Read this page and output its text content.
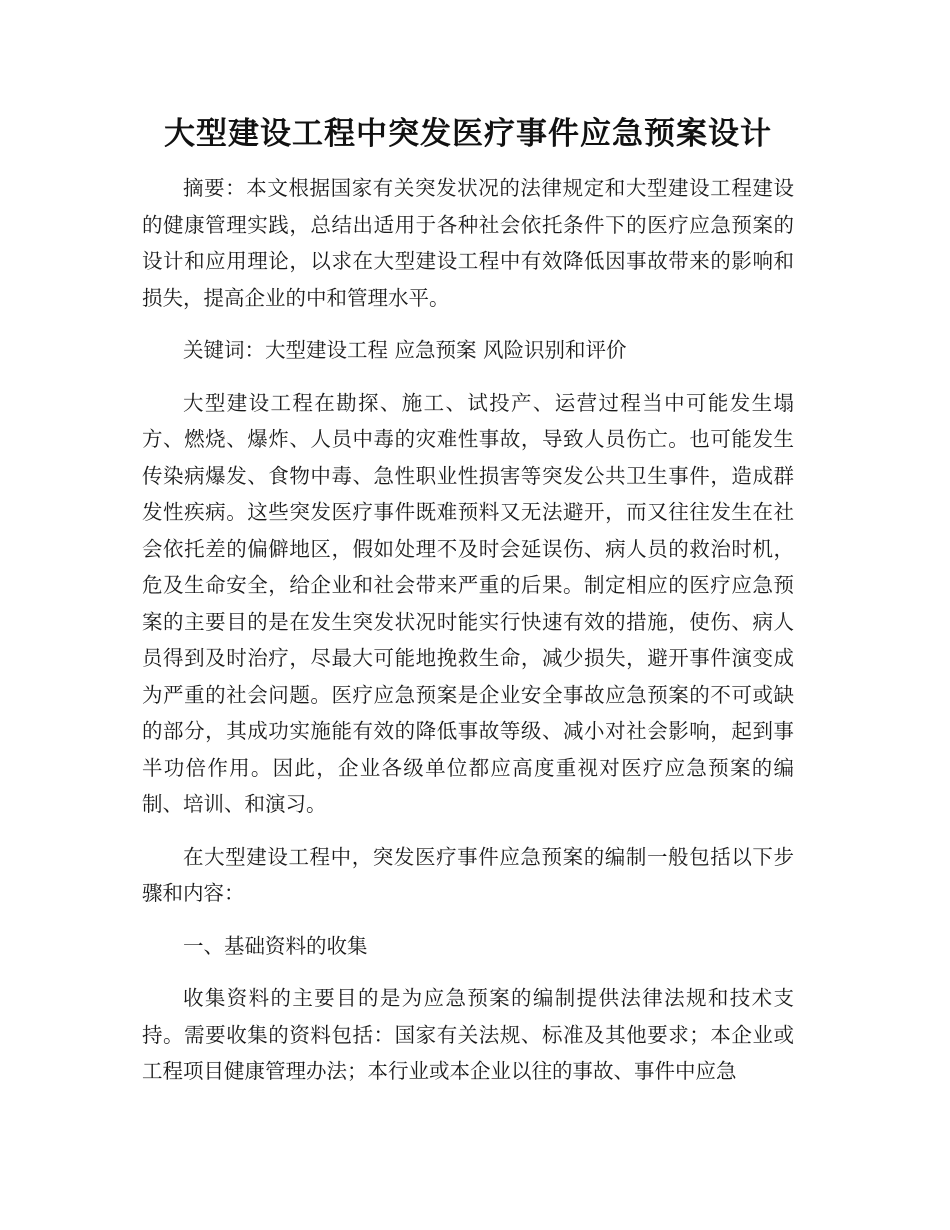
大型建设工程中突发医疗事件应急预案设计

摘要：本文根据国家有关突发状况的法律规定和大型建设工程建设的健康管理实践，总结出适用于各种社会依托条件下的医疗应急预案的设计和应用理论，以求在大型建设工程中有效降低因事故带来的影响和损失，提高企业的中和管理水平。

关键词：大型建设工程 应急预案 风险识别和评价

大型建设工程在勘探、施工、试投产、运营过程当中可能发生塌方、燃烧、爆炸、人员中毒的灾难性事故，导致人员伤亡。也可能发生传染病爆发、食物中毒、急性职业性损害等突发公共卫生事件，造成群发性疾病。这些突发医疗事件既难预料又无法避开，而又往往发生在社会依托差的偏僻地区，假如处理不及时会延误伤、病人员的救治时机，危及生命安全，给企业和社会带来严重的后果。制定相应的医疗应急预案的主要目的是在发生突发状况时能实行快速有效的措施，使伤、病人员得到及时治疗，尽最大可能地挽救生命，减少损失，避开事件演变成为严重的社会问题。医疗应急预案是企业安全事故应急预案的不可或缺的部分，其成功实施能有效的降低事故等级、减小对社会影响，起到事半功倍作用。因此，企业各级单位都应高度重视对医疗应急预案的编制、培训、和演习。

在大型建设工程中，突发医疗事件应急预案的编制一般包括以下步骤和内容：

一、基础资料的收集

收集资料的主要目的是为应急预案的编制提供法律法规和技术支持。需要收集的资料包括：国家有关法规、标准及其他要求；本企业或工程项目健康管理办法；本行业或本企业以往的事故、事件中应急
